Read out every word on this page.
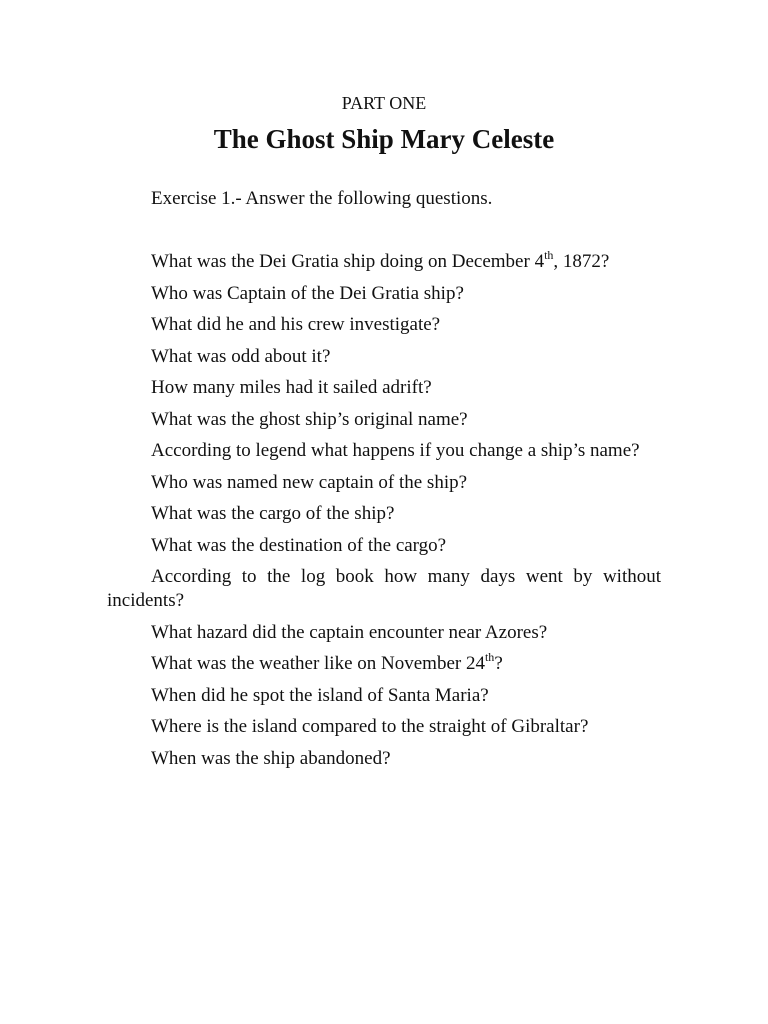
PART ONE
The Ghost Ship Mary Celeste
Exercise 1.- Answer the following questions.
What was the Dei Gratia ship doing on December 4th, 1872?
Who was Captain of the Dei Gratia ship?
What did he and his crew investigate?
What was odd about it?
How many miles had it sailed adrift?
What was the ghost ship’s original name?
According to legend what happens if you change a ship’s name?
Who was named new captain of the ship?
What was the cargo of the ship?
What was the destination of the cargo?
According to the log book how many days went by without incidents?
What hazard did the captain encounter near Azores?
What was the weather like on November 24th?
When did he spot the island of Santa Maria?
Where is the island compared to the straight of Gibraltar?
When was the ship abandoned?
